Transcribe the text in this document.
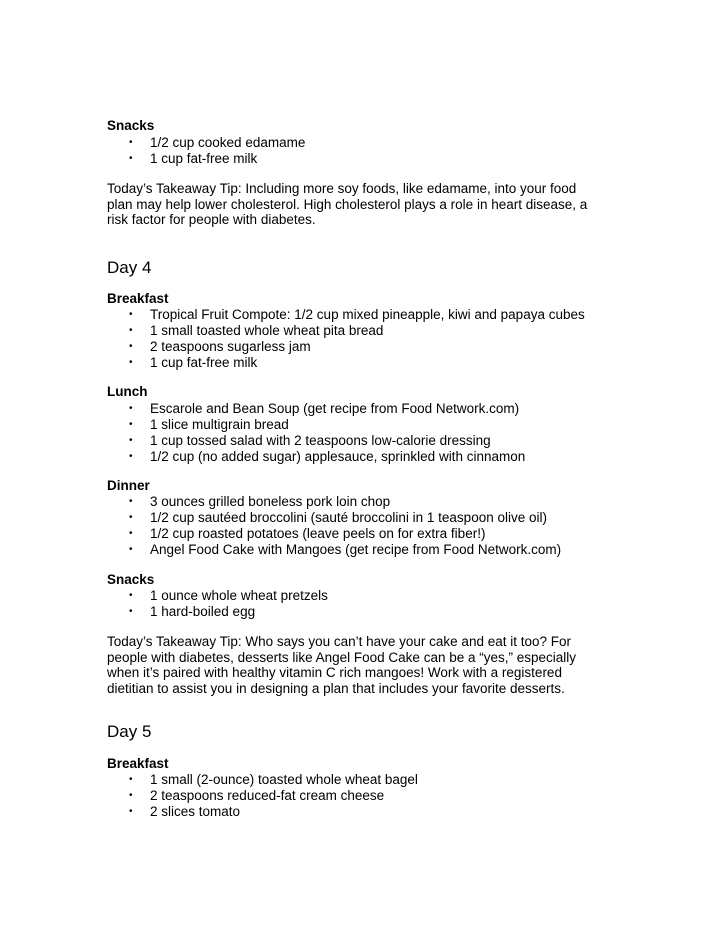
Snacks
• 1/2 cup cooked edamame
• 1 cup fat-free milk

Today’s Takeaway Tip: Including more soy foods, like edamame, into your food
plan may help lower cholesterol. High cholesterol plays a role in heart disease, a
risk factor for people with diabetes.

Day 4
Breakfast
• Tropical Fruit Compote: 1/2 cup mixed pineapple, kiwi and papaya cubes
• 1 small toasted whole wheat pita bread
• 2 teaspoons sugarless jam
• 1 cup fat-free milk
Lunch
• Escarole and Bean Soup (get recipe from Food Network.com)
• 1 slice multigrain bread
• 1 cup tossed salad with 2 teaspoons low-calorie dressing
• 1/2 cup (no added sugar) applesauce, sprinkled with cinnamon
Dinner
• 3 ounces grilled boneless pork loin chop
• 1/2 cup sautéed broccolini (sauté broccolini in 1 teaspoon olive oil)
• 1/2 cup roasted potatoes (leave peels on for extra fiber!)
• Angel Food Cake with Mangoes (get recipe from Food Network.com)
Snacks
• 1 ounce whole wheat pretzels
• 1 hard-boiled egg

Today’s Takeaway Tip: Who says you can’t have your cake and eat it too? For
people with diabetes, desserts like Angel Food Cake can be a “yes,” especially
when it’s paired with healthy vitamin C rich mangoes! Work with a registered
dietitian to assist you in designing a plan that includes your favorite desserts.

Day 5
Breakfast
• 1 small (2-ounce) toasted whole wheat bagel
• 2 teaspoons reduced-fat cream cheese
• 2 slices tomato
